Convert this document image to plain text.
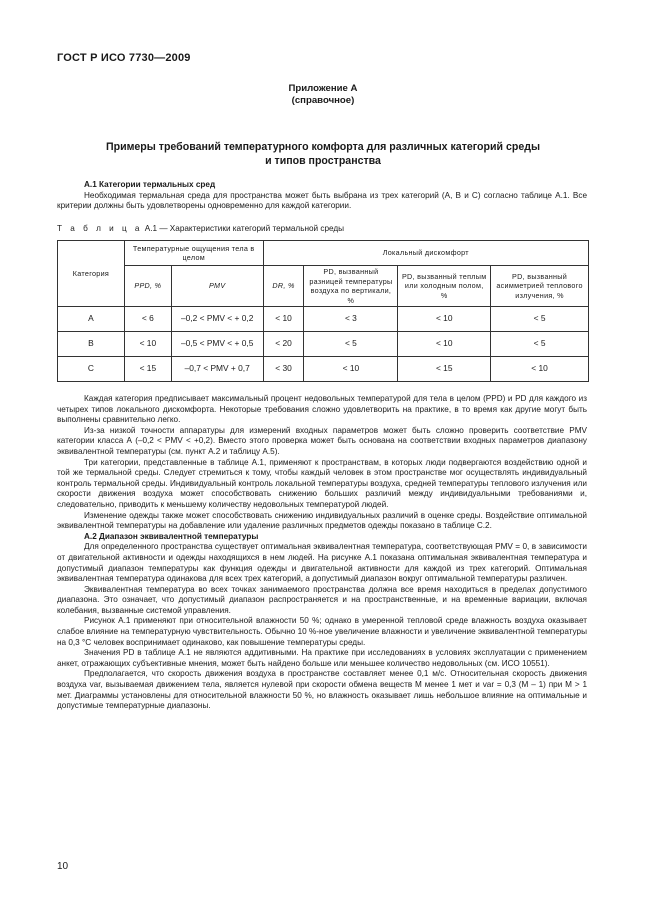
ГОСТ Р ИСО 7730—2009
Приложение А
(справочное)
Примеры требований температурного комфорта для различных категорий среды
и типов пространства

A.1 Категории термальных сред

Необходимая термальная среда для пространства может быть выбрана из трех категорий (А, В и С) согласно таблице А.1. Все критерии должны быть удовлетворены одновременно для каждой категории.

Т а б л и ц а А.1 — Характеристики категорий термальной среды
Категория	Температурные ощущения тела в целом		Локальный дискомфорт			
	PPD, %	PMV	DR, %	PD, вызванный разницей температуры воздуха по вертикали, %	PD, вызванный теплым или холодным полом, %	PD, вызванный асимметрией теплового излучения, %
А	< 6	–0,2 < PMV < + 0,2	< 10	< 3	< 10	< 5
В	< 10	–0,5 < PMV < + 0,5	< 20	< 5	< 10	< 5
С	< 15	–0,7 < PMV + 0,7	< 30	< 10	< 15	< 10

Каждая категория предписывает максимальный процент недовольных температурой для тела в целом (PPD) и PD для каждого из четырех типов локального дискомфорта. Некоторые требования сложно удовлетворить на практике, в то время как другие могут быть выполнены сравнительно легко.

Из-за низкой точности аппаратуры для измерений входных параметров может быть сложно проверить соответствие PMV категории класса А (–0,2 < PMV < +0,2). Вместо этого проверка может быть основана на соответствии входных параметров диапазону эквивалентной температуры (см. пункт А.2 и таблицу А.5).

Три категории, представленные в таблице А.1, применяют к пространствам, в которых люди подвергаются воздействию одной и той же термальной среды. Следует стремиться к тому, чтобы каждый человек в этом пространстве мог осуществлять индивидуальный контроль термальной среды. Индивидуальный контроль локальной температуры воздуха, средней температуры теплового излучения или скорости движения воздуха может способствовать снижению больших различий между индивидуальными требованиями и, следовательно, приводить к меньшему количеству недовольных температурой людей.

Изменение одежды также может способствовать снижению индивидуальных различий в оценке среды. Воздействие оптимальной эквивалентной температуры на добавление или удаление различных предметов одежды показано в таблице С.2.

А.2 Диапазон эквивалентной температуры

Для определенного пространства существует оптимальная эквивалентная температура, соответствующая PMV = 0, в зависимости от двигательной активности и одежды находящихся в нем людей. На рисунке А.1 показана оптимальная эквивалентная температура и допустимый диапазон температуры как функция одежды и двигательной активности для каждой из трех категорий. Оптимальная эквивалентная температура одинакова для всех трех категорий, а допустимый диапазон вокруг оптимальной температуры различен.

Эквивалентная температура во всех точках занимаемого пространства должна все время находиться в пределах допустимого диапазона. Это означает, что допустимый диапазон распространяется и на пространственные, и на временные вариации, включая колебания, вызванные системой управления.

Рисунок А.1 применяют при относительной влажности 50 %; однако в умеренной тепловой среде влажность воздуха оказывает слабое влияние на температурную чувствительность. Обычно 10 %-ное увеличение влажности и увеличение эквивалентной температуры на 0,3 °С человек воспринимает одинаково, как повышение температуры среды.

Значения PD в таблице А.1 не являются аддитивными. На практике при исследованиях в условиях эксплуатации с применением анкет, отражающих субъективные мнения, может быть найдено больше или меньшее количество недовольных (см. ИСО 10551).

Предполагается, что скорость движения воздуха в пространстве составляет менее 0,1 м/с. Относительная скорость движения воздуха var, вызываемая движением тела, является нулевой при скорости обмена веществ М менее 1 мет и var = 0,3 (М – 1) при М > 1 мет. Диаграммы установлены для относительной влажности 50 %, но влажность оказывает лишь небольшое влияние на оптимальные и допустимые температурные диапазоны.

10
